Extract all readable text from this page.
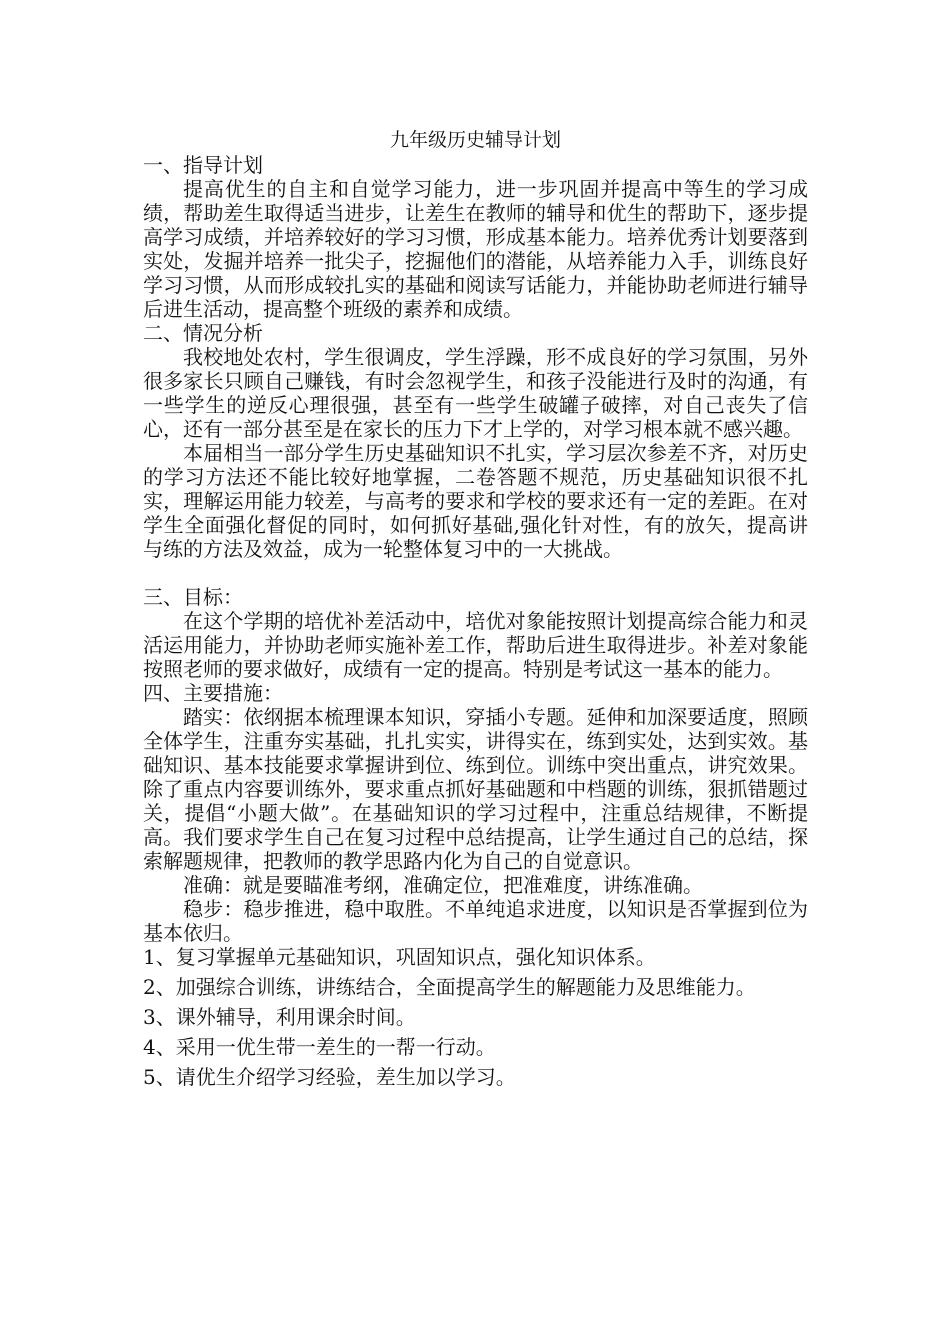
九年级历史辅导计划
一、指导计划

提高优生的自主和自觉学习能力，进一步巩固并提高中等生的学习成绩，帮助差生取得适当进步，让差生在教师的辅导和优生的帮助下，逐步提高学习成绩，并培养较好的学习习惯，形成基本能力。培养优秀计划要落到实处，发掘并培养一批尖子，挖掘他们的潜能，从培养能力入手，训练良好学习习惯，从而形成较扎实的基础和阅读写话能力，并能协助老师进行辅导后进生活动，提高整个班级的素养和成绩。

二、情况分析

我校地处农村，学生很调皮，学生浮躁，形不成良好的学习氛围，另外很多家长只顾自己赚钱，有时会忽视学生，和孩子没能进行及时的沟通，有一些学生的逆反心理很强，甚至有一些学生破罐子破摔，对自己丧失了信心，还有一部分甚至是在家长的压力下才上学的，对学习根本就不感兴趣。

本届相当一部分学生历史基础知识不扎实，学习层次参差不齐，对历史的学习方法还不能比较好地掌握，二卷答题不规范，历史基础知识很不扎实，理解运用能力较差，与高考的要求和学校的要求还有一定的差距。在对学生全面强化督促的同时，如何抓好基础,强化针对性，有的放矢，提高讲与练的方法及效益，成为一轮整体复习中的一大挑战。

三、目标：

在这个学期的培优补差活动中，培优对象能按照计划提高综合能力和灵活运用能力，并协助老师实施补差工作，帮助后进生取得进步。补差对象能按照老师的要求做好，成绩有一定的提高。特别是考试这一基本的能力。

四、主要措施：

踏实：依纲据本梳理课本知识，穿插小专题。延伸和加深要适度，照顾全体学生，注重夯实基础，扎扎实实，讲得实在，练到实处，达到实效。基础知识、基本技能要求掌握讲到位、练到位。训练中突出重点，讲究效果。除了重点内容要训练外，要求重点抓好基础题和中档题的训练，狠抓错题过关，提倡“小题大做”。在基础知识的学习过程中，注重总结规律，不断提高。我们要求学生自己在复习过程中总结提高，让学生通过自己的总结，探索解题规律，把教师的教学思路内化为自己的自觉意识。

准确：就是要瞄准考纲，准确定位，把准难度，讲练准确。

稳步：稳步推进，稳中取胜。不单纯追求进度，以知识是否掌握到位为基本依归。

1、复习掌握单元基础知识，巩固知识点，强化知识体系。
2、加强综合训练，讲练结合，全面提高学生的解题能力及思维能力。
3、课外辅导，利用课余时间。
4、采用一优生带一差生的一帮一行动。
5、请优生介绍学习经验，差生加以学习。
